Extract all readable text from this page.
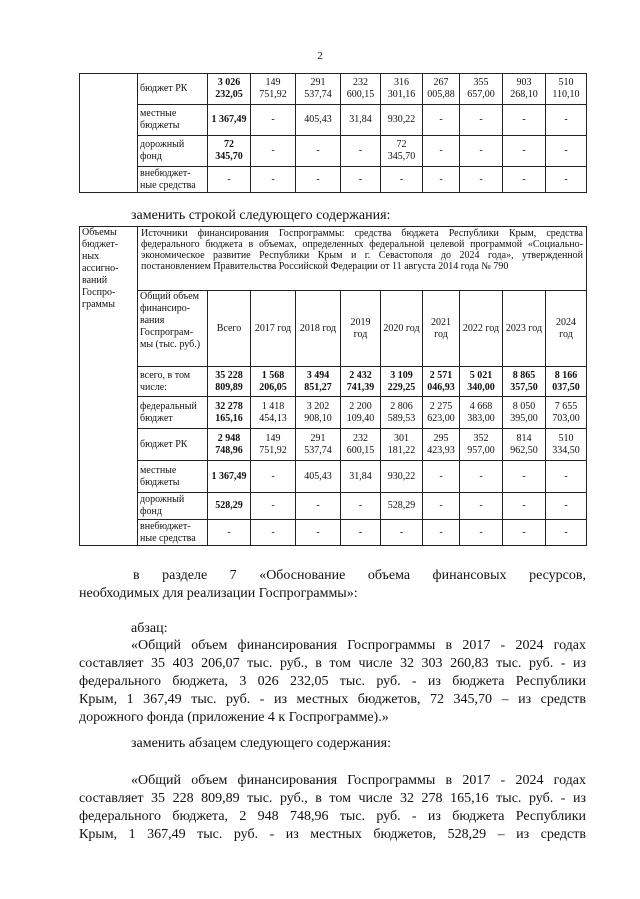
2
	бюджет РК	3 026 232,05	149 751,92	291 537,74	232 600,15	316 301,16	267 005,88	355 657,00	903 268,10	510 110,10
	местные бюджеты	1 367,49	-	405,43	31,84	930,22	-	-	-	-
	дорожный фонд	72 345,70	-	-	-	72 345,70	-	-	-	-
	внебюджет-ные средства	-	-	-	-	-	-	-	-	-

заменить строкой следующего содержания:

Объемы бюджет-ных ассигно-ваний Госпро-граммы	Источники финансирования Госпрограммы: средства бюджета Республики Крым, средства федерального бюджета в объемах, определенных федеральной целевой программой «Социально-экономическое развитие Республики Крым и г. Севастополя до 2024 года», утвержденной постановлением Правительства Российской Федерации от 11 августа 2014 года № 790									
	Общий объем финансиро-вания Госпрограм-мы (тыс. руб.)	Всего	2017 год	2018 год	2019 год	2020 год	2021 год	2022 год	2023 год	2024 год
	всего, в том числе:	35 228 809,89	1 568 206,05	3 494 851,27	2 432 741,39	3 109 229,25	2 571 046,93	5 021 340,00	8 865 357,50	8 166 037,50
	федеральный бюджет	32 278 165,16	1 418 454,13	3 202 908,10	2 200 109,40	2 806 589,53	2 275 623,00	4 668 383,00	8 050 395,00	7 655 703,00
	бюджет РК	2 948 748,96	149 751,92	291 537,74	232 600,15	301 181,22	295 423,93	352 957,00	814 962,50	510 334,50
	местные бюджеты	1 367,49	-	405,43	31,84	930,22	-	-	-	-
	дорожный фонд	528,29	-	-	-	528,29	-	-	-	-
	внебюджет-ные средства	-	-	-	-	-	-	-	-	-

в разделе 7 «Обоснование объема финансовых ресурсов,

необходимых для реализации Госпрограммы»:

абзац:

«Общий объем финансирования Госпрограммы в 2017 - 2024 годах

составляет 35 403 206,07 тыс. руб., в том числе 32 303 260,83 тыс. руб. - из

федерального бюджета, 3 026 232,05 тыс. руб. - из бюджета Республики

Крым, 1 367,49 тыс. руб. - из местных бюджетов, 72 345,70 – из средств

дорожного фонда (приложение 4 к Госпрограмме).»

заменить абзацем следующего содержания:

«Общий объем финансирования Госпрограммы в 2017 - 2024 годах

составляет 35 228 809,89 тыс. руб., в том числе 32 278 165,16 тыс. руб. - из

федерального бюджета, 2 948 748,96 тыс. руб. - из бюджета Республики

Крым, 1 367,49 тыс. руб. - из местных бюджетов, 528,29 – из средств
